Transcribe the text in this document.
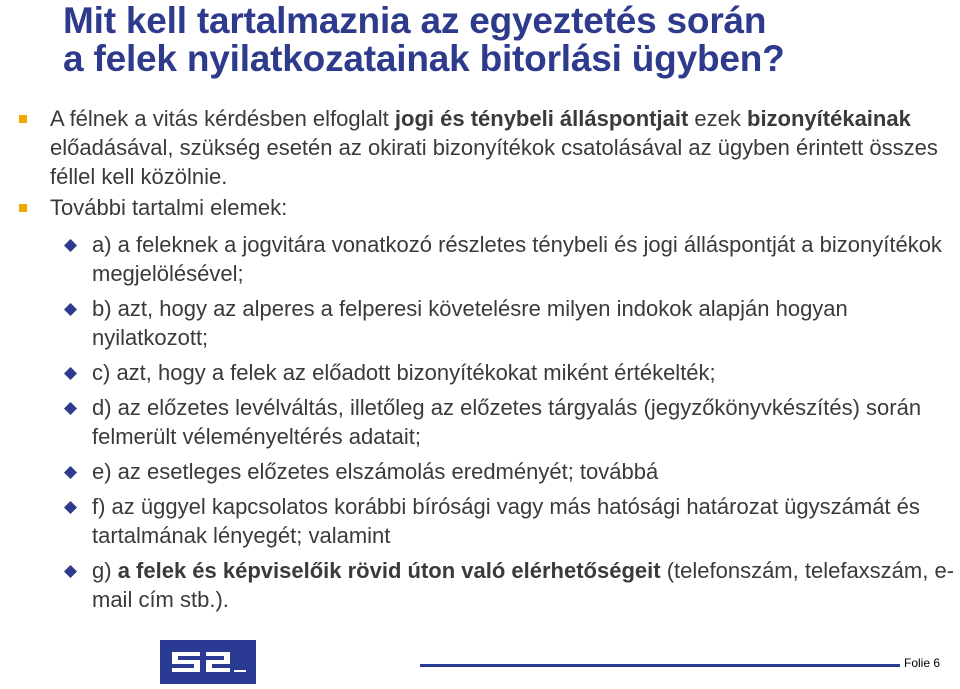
Mit kell tartalmaznia az egyeztetés során
a felek nyilatkozatainak bitorlási ügyben?
A félnek a vitás kérdésben elfoglalt jogi és ténybeli álláspontjait ezek bizonyítékainak előadásával, szükség esetén az okirati bizonyítékok csatolásával az ügyben érintett összes féllel kell közölnie.
További tartalmi elemek:
a) a feleknek a jogvitára vonatkozó részletes ténybeli és jogi álláspontját a bizonyítékok megjelölésével;
b) azt, hogy az alperes a felperesi követelésre milyen indokok alapján hogyan nyilatkozott;
c) azt, hogy a felek az előadott bizonyítékokat miként értékelték;
d) az előzetes levélváltás, illetőleg az előzetes tárgyalás (jegyzőkönyvkészítés) során felmerült véleményeltérés adatait;
e) az esetleges előzetes elszámolás eredményét; továbbá
f) az üggyel kapcsolatos korábbi bírósági vagy más hatósági határozat ügyszámát és tartalmának lényegét; valamint
g) a felek és képviselőik rövid úton való elérhetőségeit (telefonszám, telefaxszám, e-mail cím stb.).
Folie 6
